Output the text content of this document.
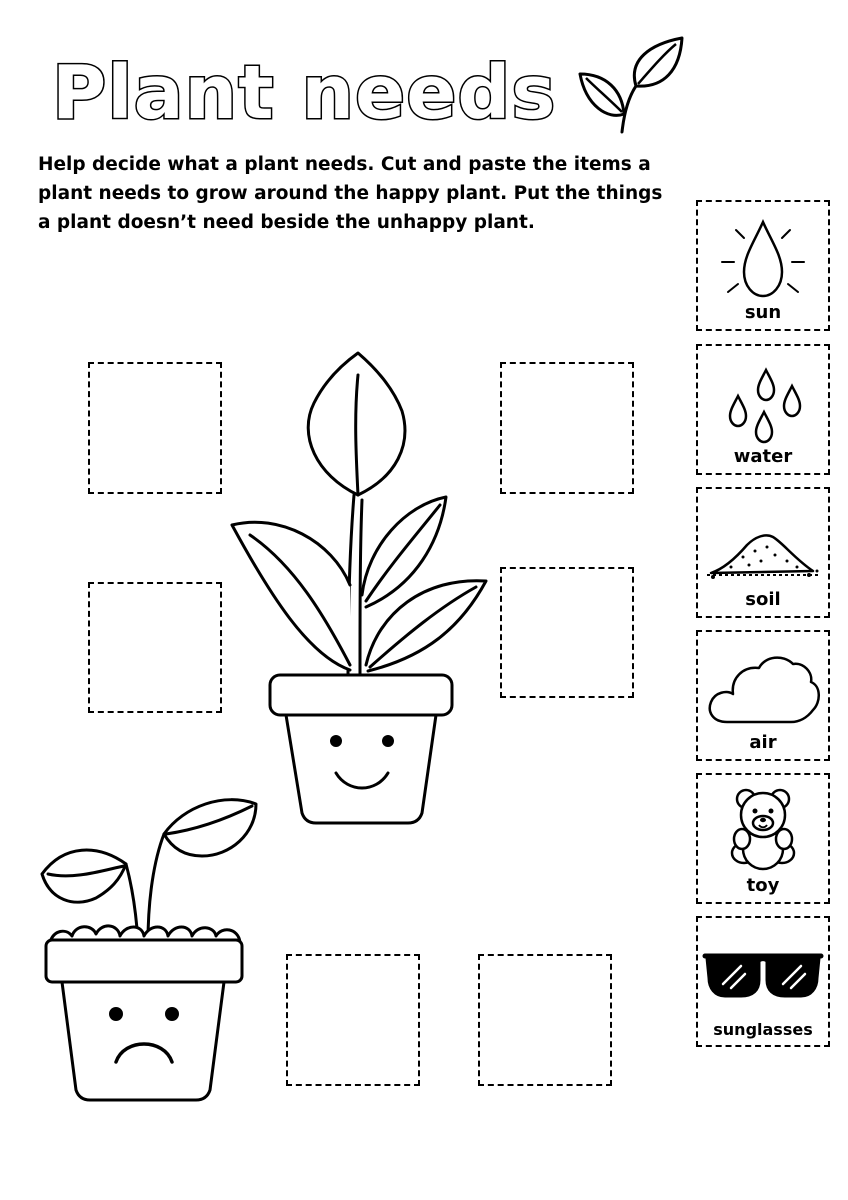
Plant needs
Help decide what a plant needs. Cut and paste the items a plant needs to grow around the happy plant. Put the things a plant doesn’t need beside the unhappy plant.
sun
water
soil
air
toy
sunglasses
